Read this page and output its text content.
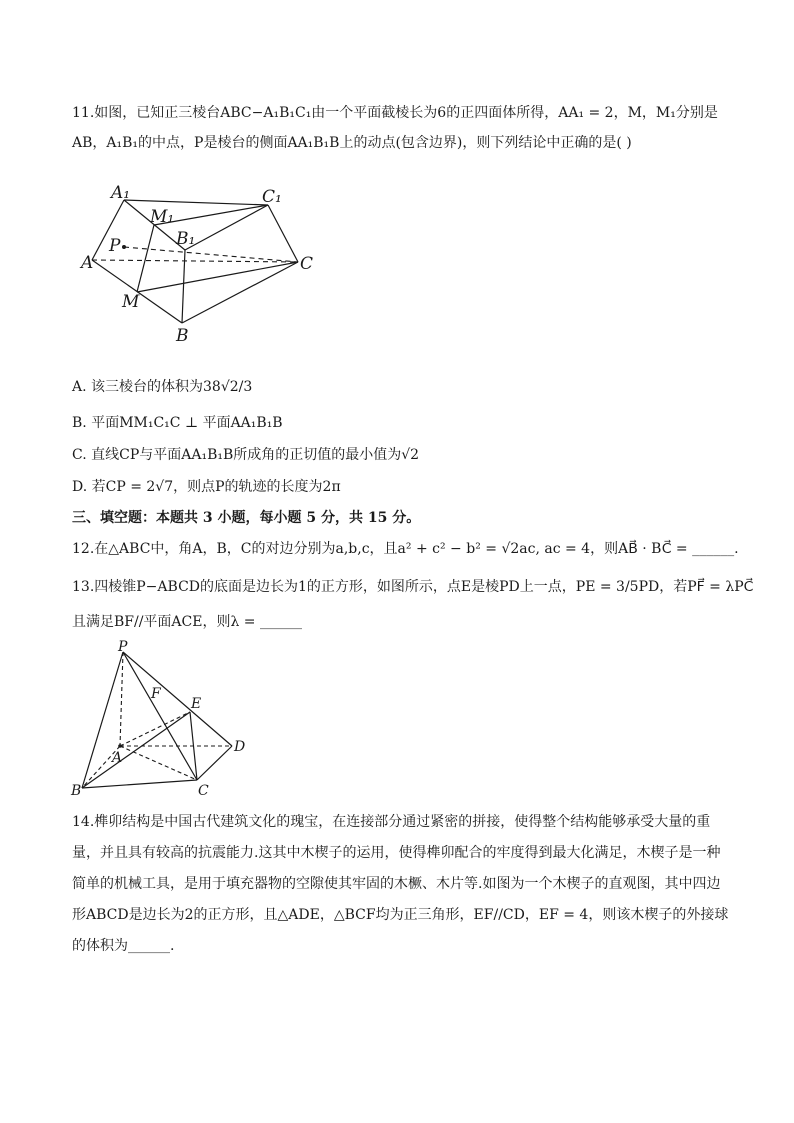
11.如图，已知正三棱台ABC−A₁B₁C₁由一个平面截棱长为6的正四面体所得，AA₁ = 2，M，M₁分别是
AB，A₁B₁的中点，P是棱台的侧面AA₁B₁B上的动点(包含边界)，则下列结论中正确的是( )
A₁	C₁
M₁
B₁
P
A	C
M
B
A. 该三棱台的体积为38√2/3
B. 平面MM₁C₁C ⊥ 平面AA₁B₁B
C. 直线CP与平面AA₁B₁B所成角的正切值的最小值为√2
D. 若CP = 2√7，则点P的轨迹的长度为2π
三、填空题：本题共 3 小题，每小题 5 分，共 15 分。
12.在△ABC中，角A，B，C的对边分别为a,b,c，且a² + c² − b² = √2ac, ac = 4，则AB⃗ · BC⃗ = ______.
13.四棱锥P−ABCD的底面是边长为1的正方形，如图所示，点E是棱PD上一点，PE = 3/5PD，若PF⃗ = λPC⃗
且满足BF//平面ACE，则λ = ______
P
F
E
A
D
B	C
14.榫卯结构是中国古代建筑文化的瑰宝，在连接部分通过紧密的拼接，使得整个结构能够承受大量的重
量，并且具有较高的抗震能力.这其中木楔子的运用，使得榫卯配合的牢度得到最大化满足，木楔子是一种
简单的机械工具，是用于填充器物的空隙使其牢固的木橛、木片等.如图为一个木楔子的直观图，其中四边
形ABCD是边长为2的正方形，且△ADE，△BCF均为正三角形，EF//CD，EF = 4，则该木楔子的外接球
的体积为______.
